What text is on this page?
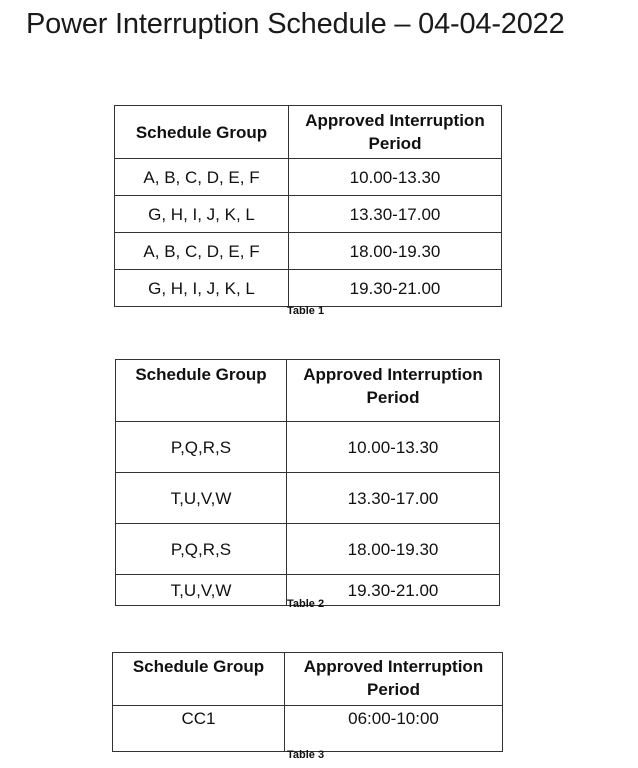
Power Interruption Schedule – 04-04-2022
Schedule Group	Approved Interruption Period
A, B, C, D, E, F	10.00-13.30
G, H, I, J, K, L	13.30-17.00
A, B, C, D, E, F	18.00-19.30
G, H, I, J, K, L	19.30-21.00
Table 1
Schedule Group	Approved Interruption Period
P,Q,R,S	10.00-13.30
T,U,V,W	13.30-17.00
P,Q,R,S	18.00-19.30
T,U,V,W	19.30-21.00
Table 2
Schedule Group	Approved Interruption Period
CC1	06:00-10:00
Table 3
